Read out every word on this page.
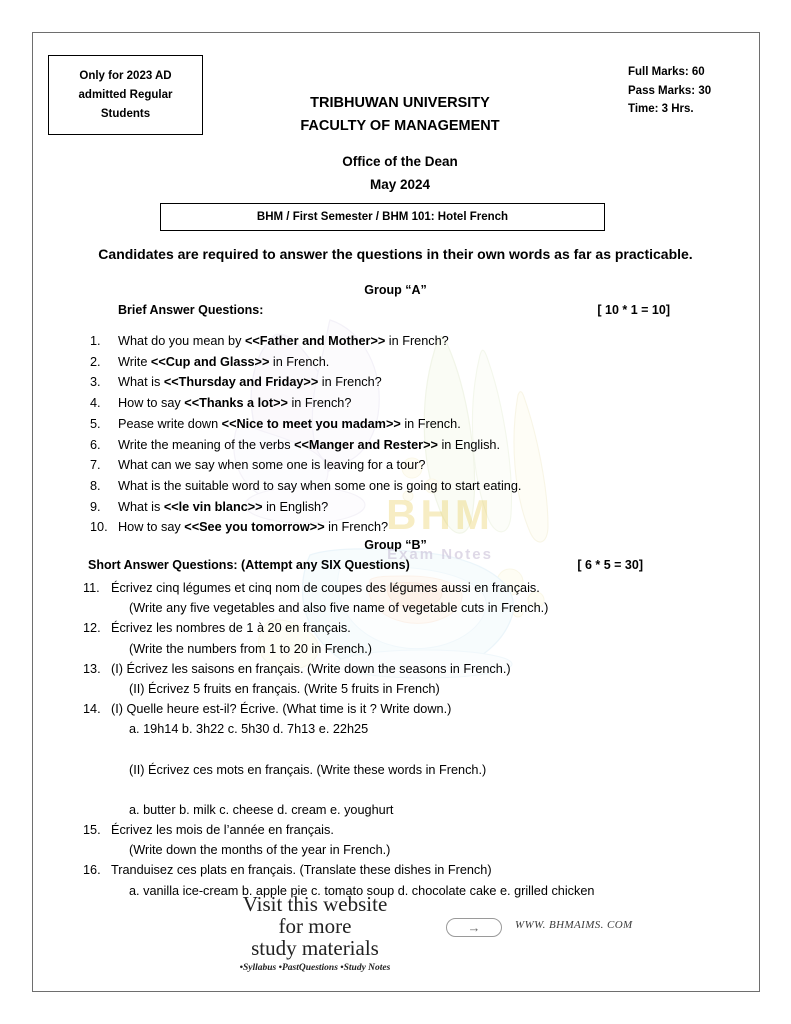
BHM
Exam Notes
Only for 2023 AD
admitted Regular
Students
Full Marks: 60
Pass Marks: 30
Time: 3 Hrs.
TRIBHUWAN UNIVERSITY
FACULTY OF MANAGEMENT
Office of the Dean
May 2024
BHM / First Semester / BHM 101: Hotel French
Candidates are required to answer the questions in their own words as far as practicable.
Group “A”
Brief Answer Questions:	[ 10 * 1 = 10]
1.	What do you mean by <<Father and Mother>> in French?
2.	Write <<Cup and Glass>> in French.
3.	What is <<Thursday and Friday>> in French?
4.	How to say <<Thanks a lot>> in French?
5.	Pease write down <<Nice to meet you madam>> in French.
6.	Write the meaning of the verbs <<Manger and Rester>> in English.
7.	What can we say when some one is leaving for a tour?
8.	What is the suitable word to say when some one is going to start eating.
9.	What is <<le vin blanc>> in English?
10. How to say <<See you tomorrow>> in French?
Group “B”
Short Answer Questions: (Attempt any SIX Questions)	[ 6 * 5 = 30]
11. Écrivez cinq légumes et cinq nom de coupes des légumes aussi en français.
(Write any five vegetables and also five name of vegetable cuts in French.)
12. Écrivez les nombres de 1 à 20 en français.
(Write the numbers from 1 to 20 in French.)
13. (I) Écrivez les saisons en français. (Write down the seasons in French.)
(II) Écrivez 5 fruits en français. (Write 5 fruits in French)
14. (I) Quelle heure est-il? Écrive. (What time is it ? Write down.)
a. 19h14 b. 3h22 c. 5h30 d. 7h13 e. 22h25
(II) Écrivez ces mots en français. (Write these words in French.)
a. butter b. milk c. cheese d. cream e. youghurt
15. Écrivez les mois de l’année en français.
(Write down the months of the year in French.)
16. Tranduisez ces plats en français. (Translate these dishes in French)
a. vanilla ice-cream b. apple pie c. tomato soup d. chocolate cake e. grilled chicken
Visit this website
for more
study materials
•Syllabus •PastQuestions •Study Notes
→	WWW. BHMAIMS. COM
